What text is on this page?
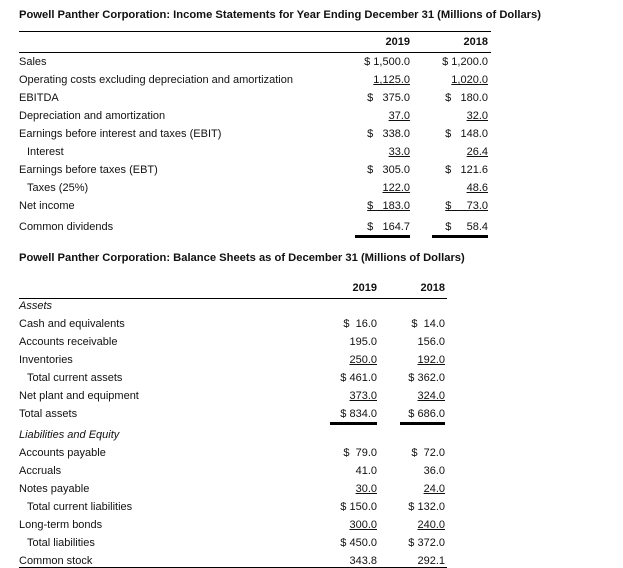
Powell Panther Corporation: Income Statements for Year Ending December 31 (Millions of Dollars)
2019	2018
Sales	$ 1,500.0	$ 1,200.0
Operating costs excluding depreciation and amortization	1,125.0	1,020.0
EBITDA	$   375.0	$   180.0
Depreciation and amortization	37.0	32.0
Earnings before interest and taxes (EBIT)	$   338.0	$   148.0
Interest	33.0	26.4
Earnings before taxes (EBT)	$   305.0	$   121.6
Taxes (25%)	122.0	48.6
Net income	$   183.0	$     73.0
Common dividends	$   164.7	$     58.4
Powell Panther Corporation: Balance Sheets as of December 31 (Millions of Dollars)
2019	2018
Assets
Cash and equivalents	$  16.0	$  14.0
Accounts receivable	195.0	156.0
Inventories	250.0	192.0
Total current assets	$ 461.0	$ 362.0
Net plant and equipment	373.0	324.0
Total assets	$ 834.0	$ 686.0
Liabilities and Equity
Accounts payable	$  79.0	$  72.0
Accruals	41.0	36.0
Notes payable	30.0	24.0
Total current liabilities	$ 150.0	$ 132.0
Long-term bonds	300.0	240.0
Total liabilities	$ 450.0	$ 372.0
Common stock	343.8	292.1
